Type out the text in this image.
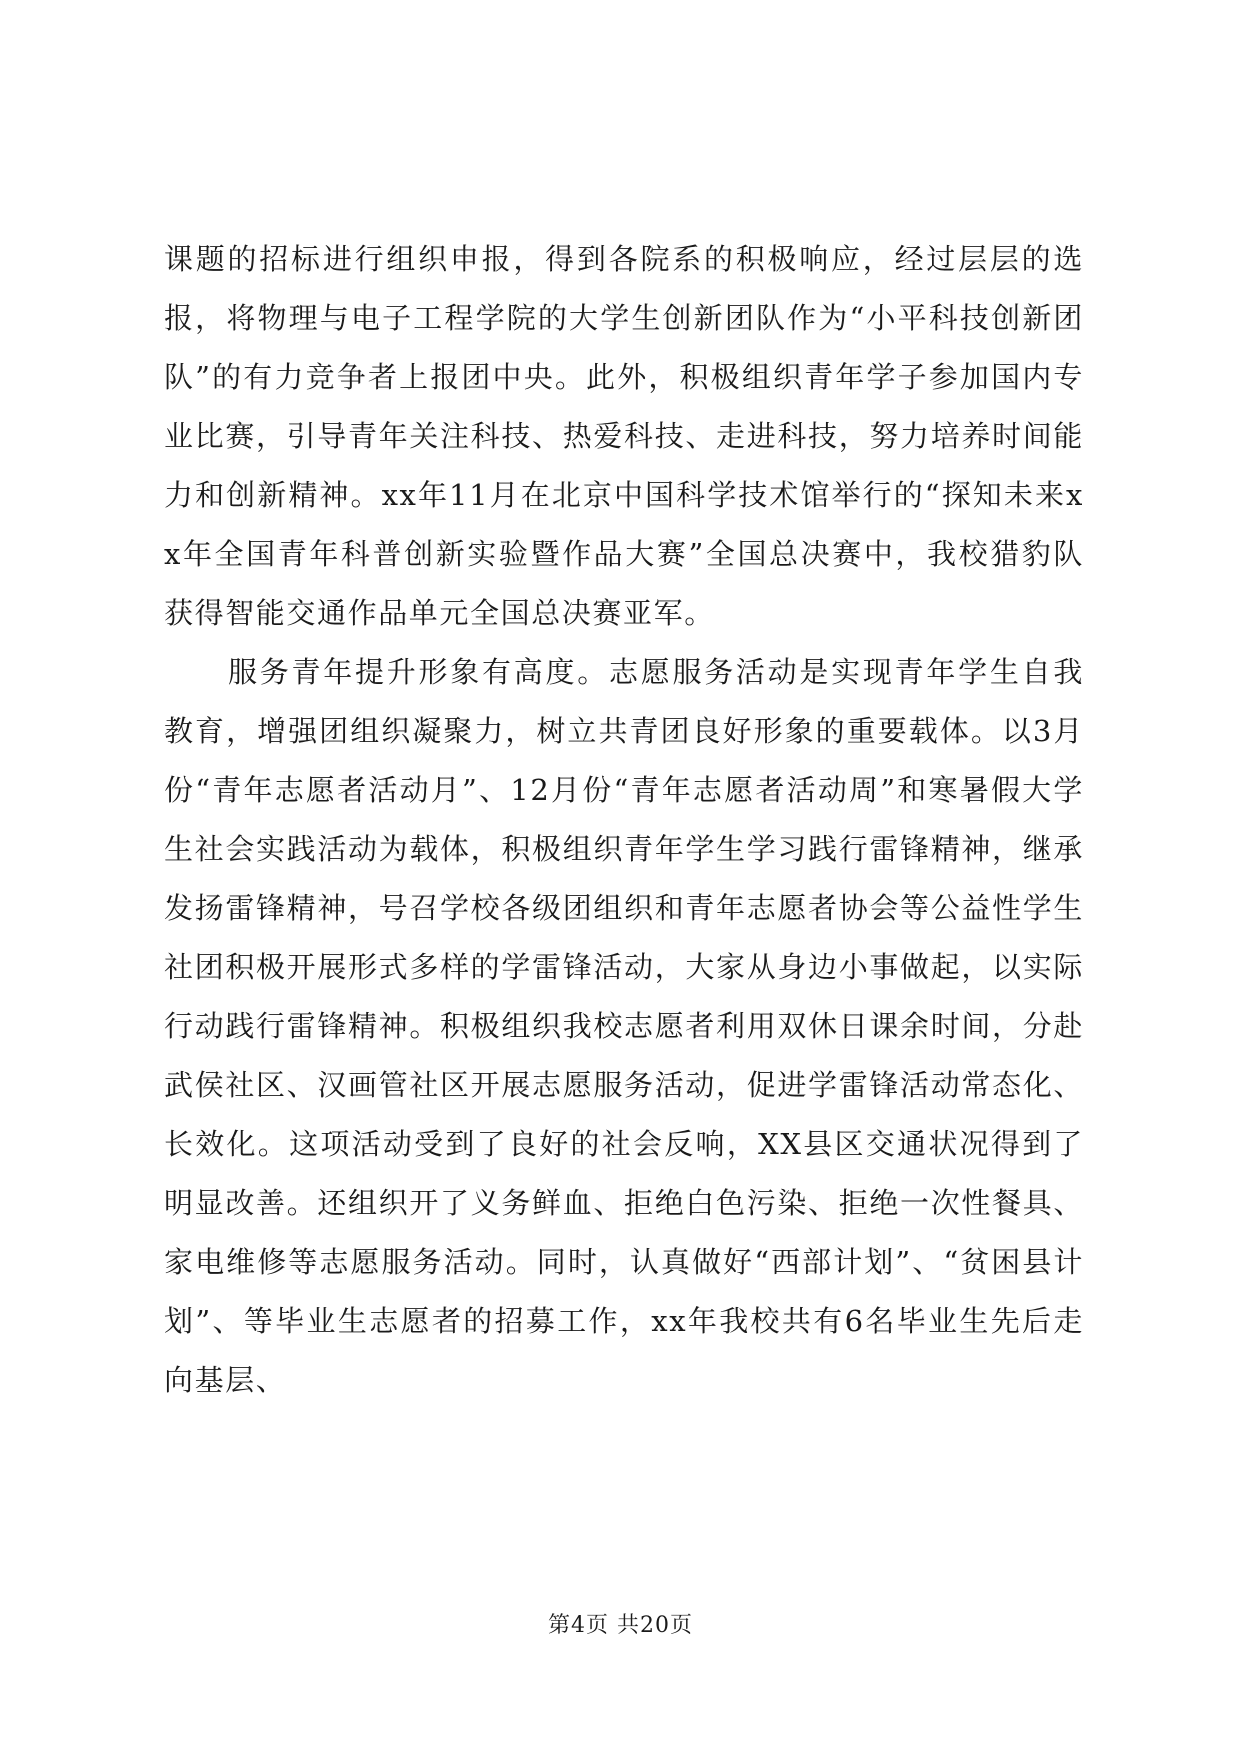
课题的招标进行组织申报，得到各院系的积极响应，经过层层的选报，将物理与电子工程学院的大学生创新团队作为“小平科技创新团队”的有力竞争者上报团中央。此外，积极组织青年学子参加国内专业比赛，引导青年关注科技、热爱科技、走进科技，努力培养时间能力和创新精神。xx年11月在北京中国科学技术馆举行的“探知未来xx年全国青年科普创新实验暨作品大赛”全国总决赛中，我校猎豹队获得智能交通作品单元全国总决赛亚军。

服务青年提升形象有高度。志愿服务活动是实现青年学生自我教育，增强团组织凝聚力，树立共青团良好形象的重要载体。以3月份“青年志愿者活动月”、12月份“青年志愿者活动周”和寒暑假大学生社会实践活动为载体，积极组织青年学生学习践行雷锋精神，继承发扬雷锋精神，号召学校各级团组织和青年志愿者协会等公益性学生社团积极开展形式多样的学雷锋活动，大家从身边小事做起，以实际行动践行雷锋精神。积极组织我校志愿者利用双休日课余时间，分赴武侯社区、汉画管社区开展志愿服务活动，促进学雷锋活动常态化、长效化。这项活动受到了良好的社会反响，XX县区交通状况得到了明显改善。还组织开了义务鲜血、拒绝白色污染、拒绝一次性餐具、家电维修等志愿服务活动。同时，认真做好“西部计划”、“贫困县计划”、等毕业生志愿者的招募工作，xx年我校共有6名毕业生先后走向基层、

第4页 共20页
